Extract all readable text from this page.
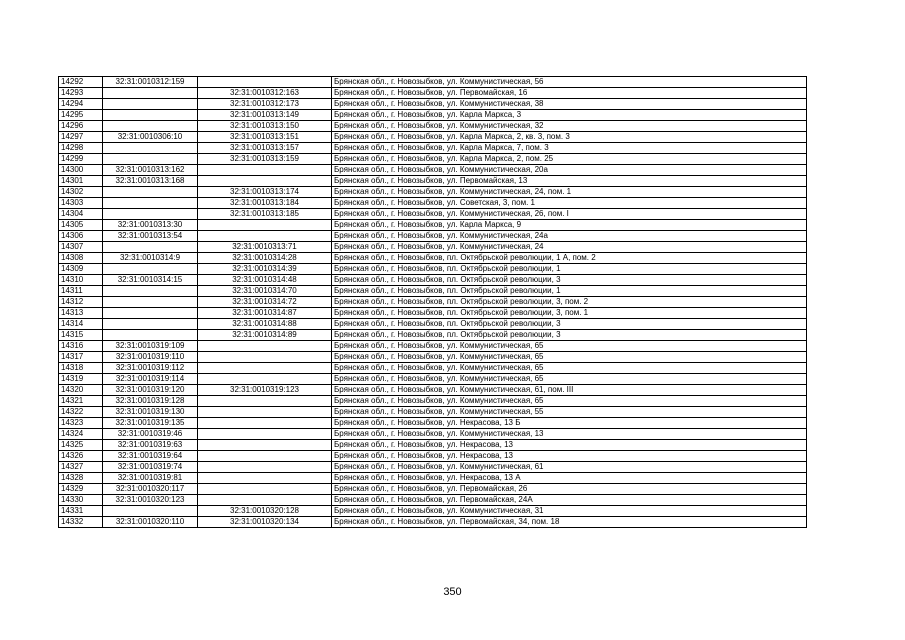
14292	32:31:0010312:159		Брянская обл., г. Новозыбков, ул. Коммунистическая, 56
14293		32:31:0010312:163	Брянская обл., г. Новозыбков, ул. Первомайская, 16
14294		32:31:0010312:173	Брянская обл., г. Новозыбков, ул. Коммунистическая, 38
14295		32:31:0010313:149	Брянская обл., г. Новозыбков, ул. Карла Маркса, 3
14296		32:31:0010313:150	Брянская обл., г. Новозыбков, ул. Коммунистическая, 32
14297	32:31:0010306:10	32:31:0010313:151	Брянская обл., г. Новозыбков, ул. Карла Маркса, 2, кв. 3, пом. 3
14298		32:31:0010313:157	Брянская обл., г. Новозыбков, ул. Карла Маркса, 7, пом. 3
14299		32:31:0010313:159	Брянская обл., г. Новозыбков, ул. Карла Маркса, 2, пом. 25
14300	32:31:0010313:162		Брянская обл., г. Новозыбков, ул. Коммунистическая, 20а
14301	32:31:0010313:168		Брянская обл., г. Новозыбков, ул. Первомайская, 13
14302		32:31:0010313:174	Брянская обл., г. Новозыбков, ул. Коммунистическая, 24, пом. 1
14303		32:31:0010313:184	Брянская обл., г. Новозыбков, ул. Советская, 3, пом. 1
14304		32:31:0010313:185	Брянская обл., г. Новозыбков, ул. Коммунистическая, 26, пом. I
14305	32:31:0010313:30		Брянская обл., г. Новозыбков, ул. Карла Маркса, 9
14306	32:31:0010313:54		Брянская обл., г. Новозыбков, ул. Коммунистическая, 24а
14307		32:31:0010313:71	Брянская обл., г. Новозыбков, ул. Коммунистическая, 24
14308	32:31:0010314:9	32:31:0010314:28	Брянская обл., г. Новозыбков, пл. Октябрьской революции, 1 А, пом. 2
14309		32:31:0010314:39	Брянская обл., г. Новозыбков, пл. Октябрьской революции, 1
14310	32:31:0010314:15	32:31:0010314:48	Брянская обл., г. Новозыбков, пл. Октябрьской революции, 3
14311		32:31:0010314:70	Брянская обл., г. Новозыбков, пл. Октябрьской революции, 1
14312		32:31:0010314:72	Брянская обл., г. Новозыбков, пл. Октябрьской революции, 3, пом. 2
14313		32:31:0010314:87	Брянская обл., г. Новозыбков, пл. Октябрьской революции, 3, пом. 1
14314		32:31:0010314:88	Брянская обл., г. Новозыбков, пл. Октябрьской революции, 3
14315		32:31:0010314:89	Брянская обл., г. Новозыбков, пл. Октябрьской революции, 3
14316	32:31:0010319:109		Брянская обл., г. Новозыбков, ул. Коммунистическая, 65
14317	32:31:0010319:110		Брянская обл., г. Новозыбков, ул. Коммунистическая, 65
14318	32:31:0010319:112		Брянская обл., г. Новозыбков, ул. Коммунистическая, 65
14319	32:31:0010319:114		Брянская обл., г. Новозыбков, ул. Коммунистическая, 65
14320	32:31:0010319:120	32:31:0010319:123	Брянская обл., г. Новозыбков, ул. Коммунистическая, 61, пом. III
14321	32:31:0010319:128		Брянская обл., г. Новозыбков, ул. Коммунистическая, 65
14322	32:31:0010319:130		Брянская обл., г. Новозыбков, ул. Коммунистическая, 55
14323	32:31:0010319:135		Брянская обл., г. Новозыбков, ул. Некрасова, 13 Б
14324	32:31:0010319:46		Брянская обл., г. Новозыбков, ул. Коммунистическая, 13
14325	32:31:0010319:63		Брянская обл., г. Новозыбков, ул. Некрасова, 13
14326	32:31:0010319:64		Брянская обл., г. Новозыбков, ул. Некрасова, 13
14327	32:31:0010319:74		Брянская обл., г. Новозыбков, ул. Коммунистическая, 61
14328	32:31:0010319:81		Брянская обл., г. Новозыбков, ул. Некрасова, 13 А
14329	32:31:0010320:117		Брянская обл., г. Новозыбков, ул. Первомайская, 26
14330	32:31:0010320:123		Брянская обл., г. Новозыбков, ул. Первомайская, 24А
14331		32:31:0010320:128	Брянская обл., г. Новозыбков, ул. Коммунистическая, 31
14332	32:31:0010320:110	32:31:0010320:134	Брянская обл., г. Новозыбков, ул. Первомайская, 34, пом. 18
350
